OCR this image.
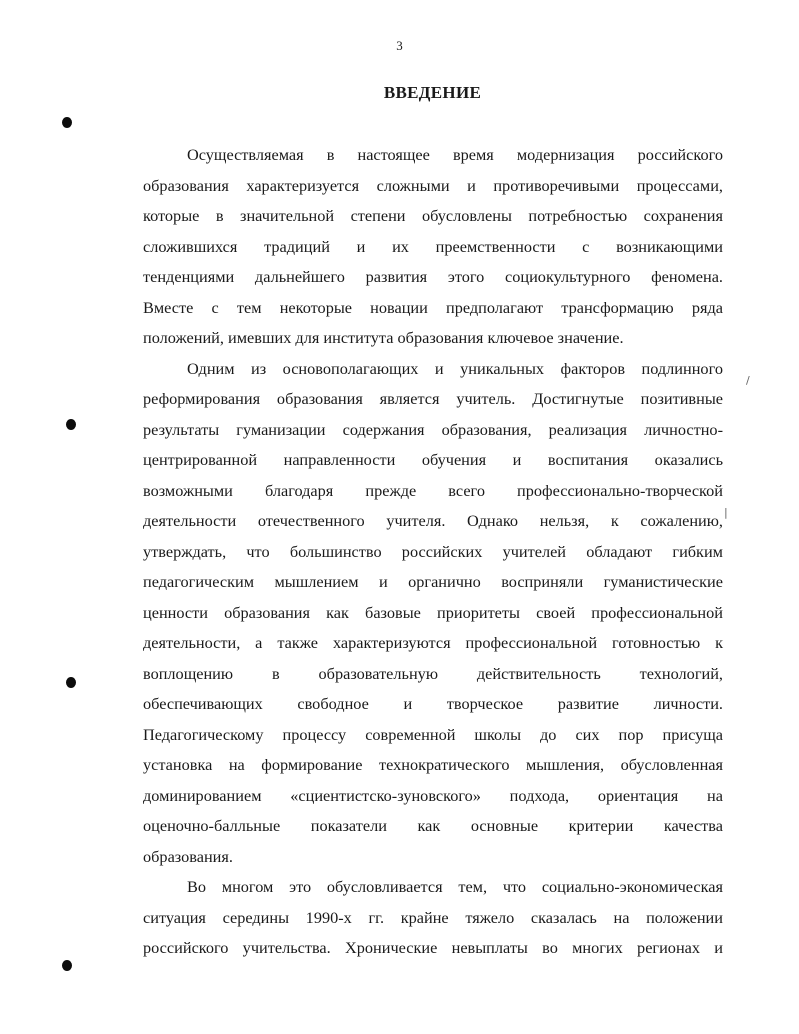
3
ВВЕДЕНИЕ
Осуществляемая в настоящее время модернизация российского
образования характеризуется сложными и противоречивыми процессами,
которые в значительной степени обусловлены потребностью сохранения
сложившихся традиций и их преемственности с возникающими
тенденциями дальнейшего развития этого социокультурного феномена.
Вместе с тем некоторые новации предполагают трансформацию ряда
положений, имевших для института образования ключевое значение.
Одним из основополагающих и уникальных факторов подлинного
реформирования образования является учитель. Достигнутые позитивные
результаты гуманизации содержания образования, реализация личностно-
центрированной направленности обучения и воспитания оказались
возможными благодаря прежде всего профессионально-творческой
деятельности отечественного учителя. Однако нельзя, к сожалению,
утверждать, что большинство российских учителей обладают гибким
педагогическим мышлением и органично восприняли гуманистические
ценности образования как базовые приоритеты своей профессиональной
деятельности, а также характеризуются профессиональной готовностью к
воплощению в образовательную действительность технологий,
обеспечивающих свободное и творческое развитие личности.
Педагогическому процессу современной школы до сих пор присуща
установка на формирование технократического мышления, обусловленная
доминированием «сциентистско-зуновского» подхода, ориентация на
оценочно-балльные показатели как основные критерии качества
образования.
Во многом это обусловливается тем, что социально-экономическая
ситуация середины 1990-х гг. крайне тяжело сказалась на положении
российского учительства. Хронические невыплаты во многих регионах и
/
|
